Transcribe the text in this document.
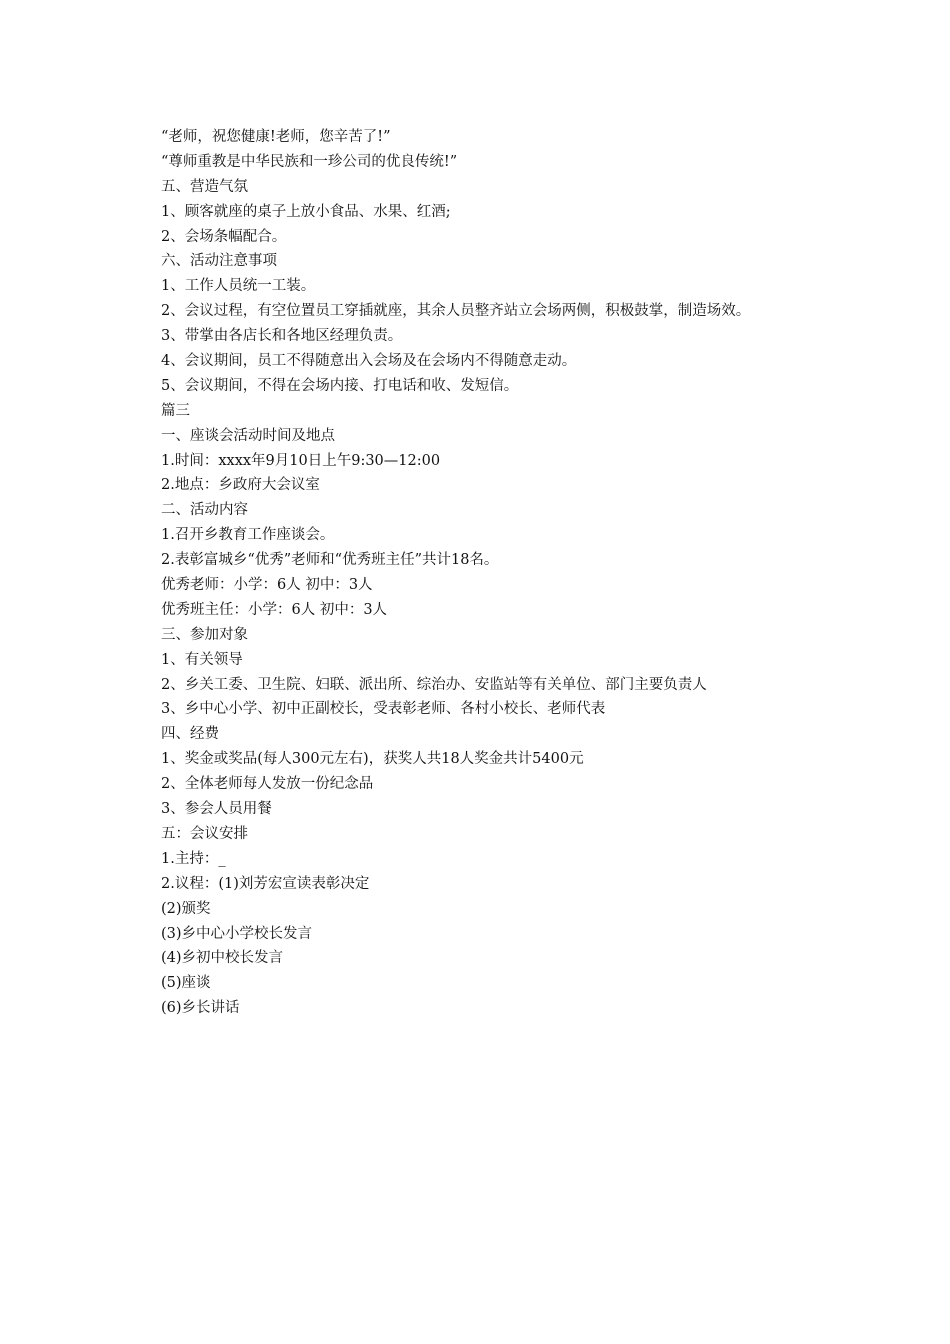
“老师，祝您健康!老师，您辛苦了!”
“尊师重教是中华民族和一珍公司的优良传统!”
五、营造气氛
1、顾客就座的桌子上放小食品、水果、红酒;
2、会场条幅配合。
六、活动注意事项
1、工作人员统一工装。
2、会议过程，有空位置员工穿插就座，其余人员整齐站立会场两侧，积极鼓掌，制造场效。
3、带掌由各店长和各地区经理负责。
4、会议期间，员工不得随意出入会场及在会场内不得随意走动。
5、会议期间，不得在会场内接、打电话和收、发短信。
篇三
一、座谈会活动时间及地点
1.时间：xxxx年9月10日上午9:30—12:00
2.地点：乡政府大会议室
二、活动内容
1.召开乡教育工作座谈会。
2.表彰富城乡“优秀”老师和“优秀班主任”共计18名。
优秀老师：小学：6人 初中：3人
优秀班主任：小学：6人 初中：3人
三、参加对象
1、有关领导
2、乡关工委、卫生院、妇联、派出所、综治办、安监站等有关单位、部门主要负责人
3、乡中心小学、初中正副校长，受表彰老师、各村小校长、老师代表
四、经费
1、奖金或奖品(每人300元左右)，获奖人共18人奖金共计5400元
2、全体老师每人发放一份纪念品
3、参会人员用餐
五：会议安排
1.主持：_
2.议程：(1)刘芳宏宣读表彰决定
(2)颁奖
(3)乡中心小学校长发言
(4)乡初中校长发言
(5)座谈
(6)乡长讲话
